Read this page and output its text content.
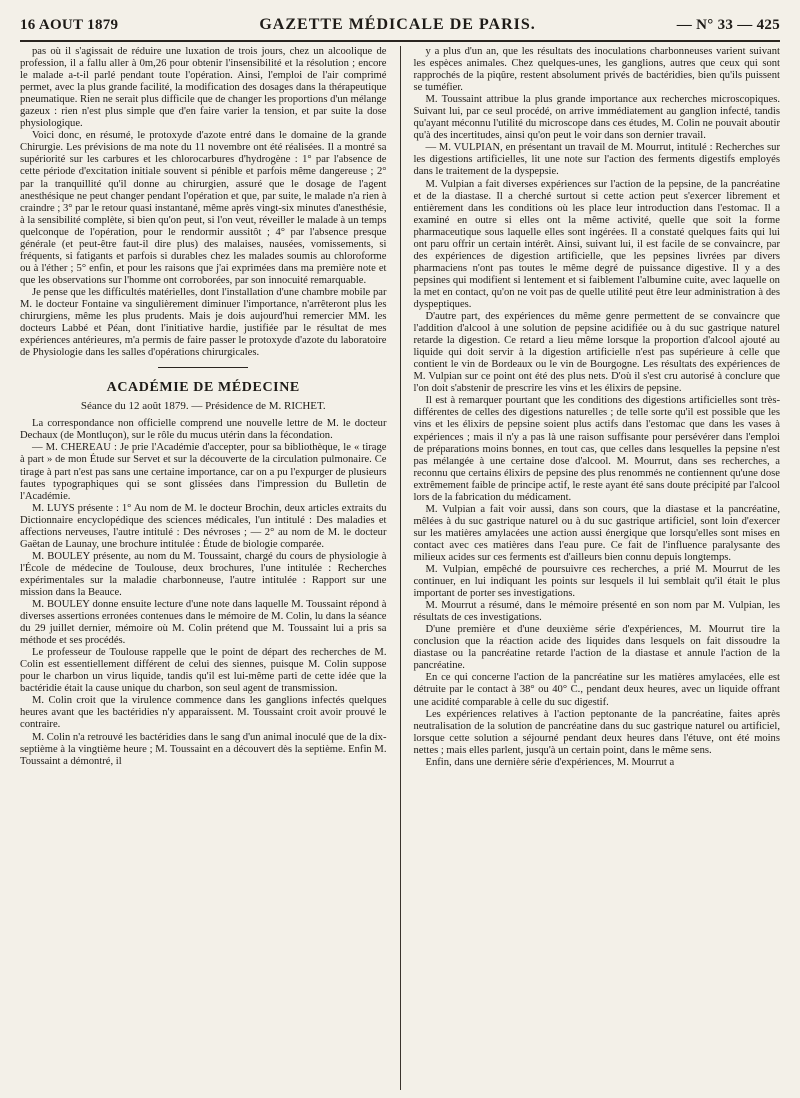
16 AOUT 1879	GAZETTE MÉDICALE DE PARIS.	— N° 33 — 425

pas où il s'agissait de réduire une luxation de trois jours, chez un alcoolique de profession, il a fallu aller à 0m,26 pour obtenir l'insensibilité et la résolution ; encore le malade a-t-il parlé pendant toute l'opération. Ainsi, l'emploi de l'air comprimé permet, avec la plus grande facilité, la modification des dosages dans la thérapeutique pneumatique. Rien ne serait plus difficile que de changer les proportions d'un mélange gazeux : rien n'est plus simple que d'en faire varier la tension, et par suite la dose physiologique.

Voici donc, en résumé, le protoxyde d'azote entré dans le domaine de la grande Chirurgie. Les prévisions de ma note du 11 novembre ont été réalisées. Il a montré sa supériorité sur les carbures et les chlorocarbures d'hydrogène : 1° par l'absence de cette période d'excitation initiale souvent si pénible et parfois même dangereuse ; 2° par la tranquillité qu'il donne au chirurgien, assuré que le dosage de l'agent anesthésique ne peut changer pendant l'opération et que, par suite, le malade n'a rien à craindre ; 3° par le retour quasi instantané, même après vingt-six minutes d'anesthésie, à la sensibilité complète, si bien qu'on peut, si l'on veut, réveiller le malade à un temps quelconque de l'opération, pour le rendormir aussitôt ; 4° par l'absence presque générale (et peut-être faut-il dire plus) des malaises, nausées, vomissements, si fréquents, si fatigants et parfois si durables chez les malades soumis au chloroforme ou à l'éther ; 5° enfin, et pour les raisons que j'ai exprimées dans ma première note et que les observations sur l'homme ont corroborées, par son innocuité remarquable.

Je pense que les difficultés matérielles, dont l'installation d'une chambre mobile par M. le docteur Fontaine va singulièrement diminuer l'importance, n'arrêteront plus les chirurgiens, même les plus prudents. Mais je dois aujourd'hui remercier MM. les docteurs Labbé et Péan, dont l'initiative hardie, justifiée par le résultat de mes expériences antérieures, m'a permis de faire passer le protoxyde d'azote du laboratoire de Physiologie dans les salles d'opérations chirurgicales.

ACADÉMIE DE MÉDECINE

Séance du 12 août 1879. — Présidence de M. RICHET.

La correspondance non officielle comprend une nouvelle lettre de M. le docteur Dechaux (de Montluçon), sur le rôle du mucus utérin dans la fécondation.

— M. CHEREAU : Je prie l'Académie d'accepter, pour sa bibliothèque, le « tirage à part » de mon Étude sur Servet et sur la découverte de la circulation pulmonaire. Ce tirage à part n'est pas sans une certaine importance, car on a pu l'expurger de plusieurs fautes typographiques qui se sont glissées dans l'impression du Bulletin de l'Académie.

M. LUYS présente : 1° Au nom de M. le docteur Brochin, deux articles extraits du Dictionnaire encyclopédique des sciences médicales, l'un intitulé : Des maladies et affections nerveuses, l'autre intitulé : Des névroses ; — 2° au nom de M. le docteur Gaëtan de Launay, une brochure intitulée : Étude de biologie comparée.

M. BOULEY présente, au nom du M. Toussaint, chargé du cours de physiologie à l'École de médecine de Toulouse, deux brochures, l'une intitulée : Recherches expérimentales sur la maladie charbonneuse, l'autre intitulée : Rapport sur une mission dans la Beauce.

M. BOULEY donne ensuite lecture d'une note dans laquelle M. Toussaint répond à diverses assertions erronées contenues dans le mémoire de M. Colin, lu dans la séance du 29 juillet dernier, mémoire où M. Colin prétend que M. Toussaint lui a pris sa méthode et ses procédés.

Le professeur de Toulouse rappelle que le point de départ des recherches de M. Colin est essentiellement différent de celui des siennes, puisque M. Colin suppose pour le charbon un virus liquide, tandis qu'il est lui-même parti de cette idée que la bactéridie était la cause unique du charbon, son seul agent de transmission.

M. Colin croit que la virulence commence dans les ganglions infectés quelques heures avant que les bactéridies n'y apparaissent. M. Toussaint croit avoir prouvé le contraire.

M. Colin n'a retrouvé les bactéridies dans le sang d'un animal inoculé que de la dix-septième à la vingtième heure ; M. Toussaint en a découvert dès la septième. Enfin M. Toussaint a démontré, il

y a plus d'un an, que les résultats des inoculations charbonneuses varient suivant les espèces animales. Chez quelques-unes, les ganglions, autres que ceux qui sont rapprochés de la piqûre, restent absolument privés de bactéridies, bien qu'ils puissent se tuméfier.

M. Toussaint attribue la plus grande importance aux recherches microscopiques. Suivant lui, par ce seul procédé, on arrive immédiatement au ganglion infecté, tandis qu'ayant méconnu l'utilité du microscope dans ces études, M. Colin ne pouvait aboutir qu'à des incertitudes, ainsi qu'on peut le voir dans son dernier travail.

— M. VULPIAN, en présentant un travail de M. Mourrut, intitulé : Recherches sur les digestions artificielles, lit une note sur l'action des ferments digestifs employés dans le traitement de la dyspepsie.

M. Vulpian a fait diverses expériences sur l'action de la pepsine, de la pancréatine et de la diastase. Il a cherché surtout si cette action peut s'exercer librement et entièrement dans les conditions où les place leur introduction dans l'estomac. Il a examiné en outre si elles ont la même activité, quelle que soit la forme pharmaceutique sous laquelle elles sont ingérées. Il a constaté quelques faits qui lui ont paru offrir un certain intérêt. Ainsi, suivant lui, il est facile de se convaincre, par des expériences de digestion artificielle, que les pepsines livrées par divers pharmaciens n'ont pas toutes le même degré de puissance digestive. Il y a des pepsines qui modifient si lentement et si faiblement l'albumine cuite, avec laquelle on la met en contact, qu'on ne voit pas de quelle utilité peut être leur administration à des dyspeptiques.

D'autre part, des expériences du même genre permettent de se convaincre que l'addition d'alcool à une solution de pepsine acidifiée ou à du suc gastrique naturel retarde la digestion. Ce retard a lieu même lorsque la proportion d'alcool ajouté au liquide qui doit servir à la digestion artificielle n'est pas supérieure à celle que contient le vin de Bordeaux ou le vin de Bourgogne. Les résultats des expériences de M. Vulpian sur ce point ont été des plus nets. D'où il s'est cru autorisé à conclure que l'on doit s'abstenir de prescrire les vins et les élixirs de pepsine.

Il est à remarquer pourtant que les conditions des digestions artificielles sont très-différentes de celles des digestions naturelles ; de telle sorte qu'il est possible que les vins et les élixirs de pepsine soient plus actifs dans l'estomac que dans les vases à expériences ; mais il n'y a pas là une raison suffisante pour persévérer dans l'emploi de préparations moins bonnes, en tout cas, que celles dans lesquelles la pepsine n'est pas mélangée à une certaine dose d'alcool. M. Mourrut, dans ses recherches, a reconnu que certains élixirs de pepsine des plus renommés ne contiennent qu'une dose extrêmement faible de principe actif, le reste ayant été sans doute précipité par l'alcool lors de la fabrication du médicament.

M. Vulpian a fait voir aussi, dans son cours, que la diastase et la pancréatine, mêlées à du suc gastrique naturel ou à du suc gastrique artificiel, sont loin d'exercer sur les matières amylacées une action aussi énergique que lorsqu'elles sont mises en contact avec ces matières dans l'eau pure. Ce fait de l'influence paralysante des milieux acides sur ces ferments est d'ailleurs bien connu depuis longtemps.

M. Vulpian, empêché de poursuivre ces recherches, a prié M. Mourrut de les continuer, en lui indiquant les points sur lesquels il lui semblait qu'il était le plus important de porter ses investigations.

M. Mourrut a résumé, dans le mémoire présenté en son nom par M. Vulpian, les résultats de ces investigations.

D'une première et d'une deuxième série d'expériences, M. Mourrut tire la conclusion que la réaction acide des liquides dans lesquels on fait dissoudre la diastase ou la pancréatine retarde l'action de la diastase et annule l'action de la pancréatine.

En ce qui concerne l'action de la pancréatine sur les matières amylacées, elle est détruite par le contact à 38° ou 40° C., pendant deux heures, avec un liquide offrant une acidité comparable à celle du suc digestif.

Les expériences relatives à l'action peptonante de la pancréatine, faites après neutralisation de la solution de pancréatine dans du suc gastrique naturel ou artificiel, lorsque cette solution a séjourné pendant deux heures dans l'étuve, ont été moins nettes ; mais elles parlent, jusqu'à un certain point, dans le même sens.

Enfin, dans une dernière série d'expériences, M. Mourrut a
